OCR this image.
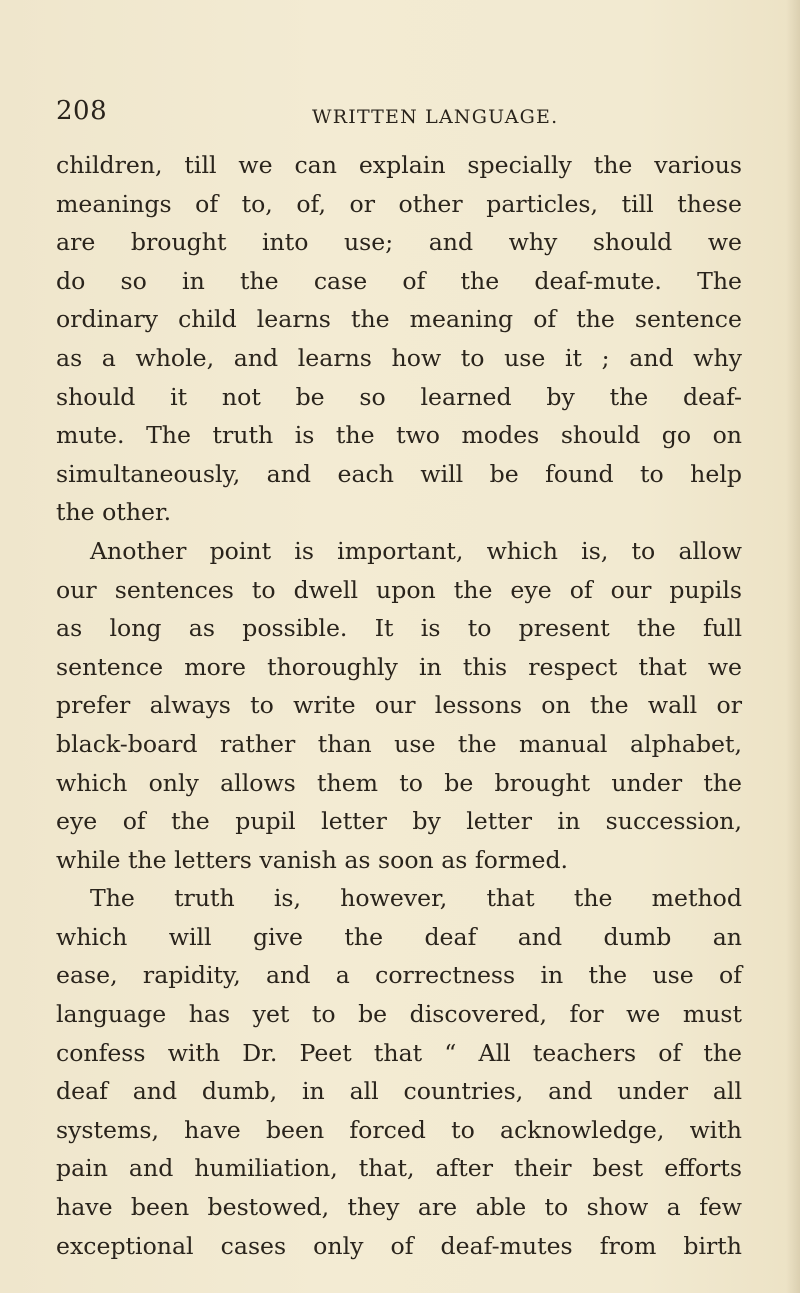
208	WRITTEN LANGUAGE.
children, till we can explain specially the various
meanings of to, of, or other particles, till these
are brought into use; and why should we
do so in the case of the deaf-mute. The
ordinary child learns the meaning of the sentence
as a whole, and learns how to use it ; and why
should it not be so learned by the deaf-
mute. The truth is the two modes should go on
simultaneously, and each will be found to help
the other.
Another point is important, which is, to allow
our sentences to dwell upon the eye of our pupils
as long as possible. It is to present the full
sentence more thoroughly in this respect that we
prefer always to write our lessons on the wall or
black-board rather than use the manual alphabet,
which only allows them to be brought under the
eye of the pupil letter by letter in succession,
while the letters vanish as soon as formed.
The truth is, however, that the method
which will give the deaf and dumb an
ease, rapidity, and a correctness in the use of
language has yet to be discovered, for we must
confess with Dr. Peet that “ All teachers of the
deaf and dumb, in all countries, and under all
systems, have been forced to acknowledge, with
pain and humiliation, that, after their best efforts
have been bestowed, they are able to show a few
exceptional cases only of deaf-mutes from birth
